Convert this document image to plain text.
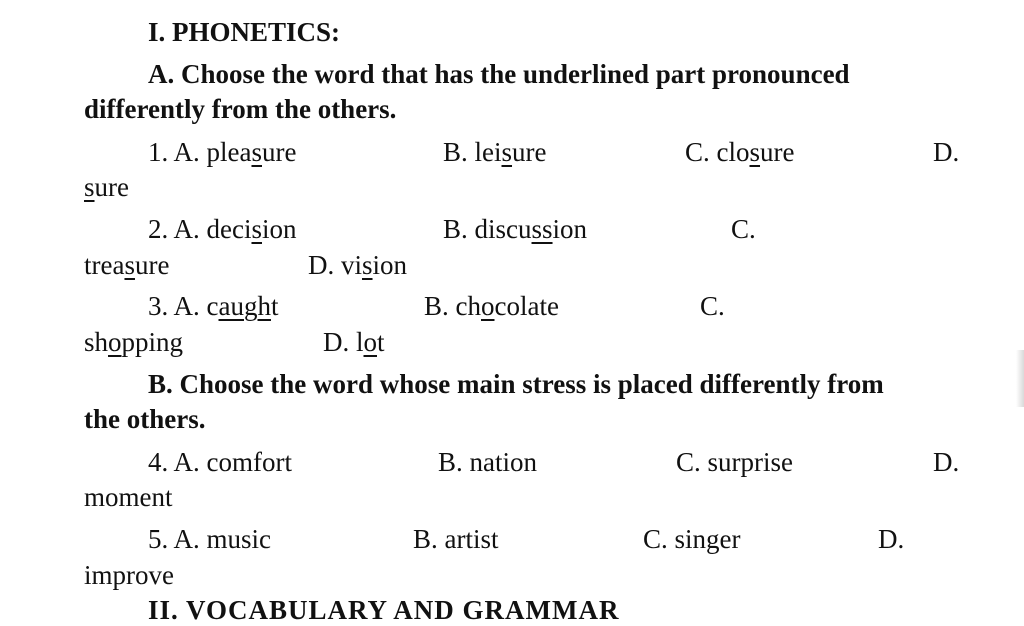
I. PHONETICS:
A. Choose the word that has the underlined part pronounced
differently from the others.
1. A. pleasure	B. leisure	C. closure	D.
sure
2. A. decision	B. discussion	C.
treasure	D. vision
3. A. caught	B. chocolate	C.
shopping	D. lot
B. Choose the word whose main stress is placed differently from
the others.
4. A. comfort	B. nation	C. surprise	D.
moment
5. A. music	B. artist	C. singer	D.
improve
II. VOCABULARY AND GRAMMAR
